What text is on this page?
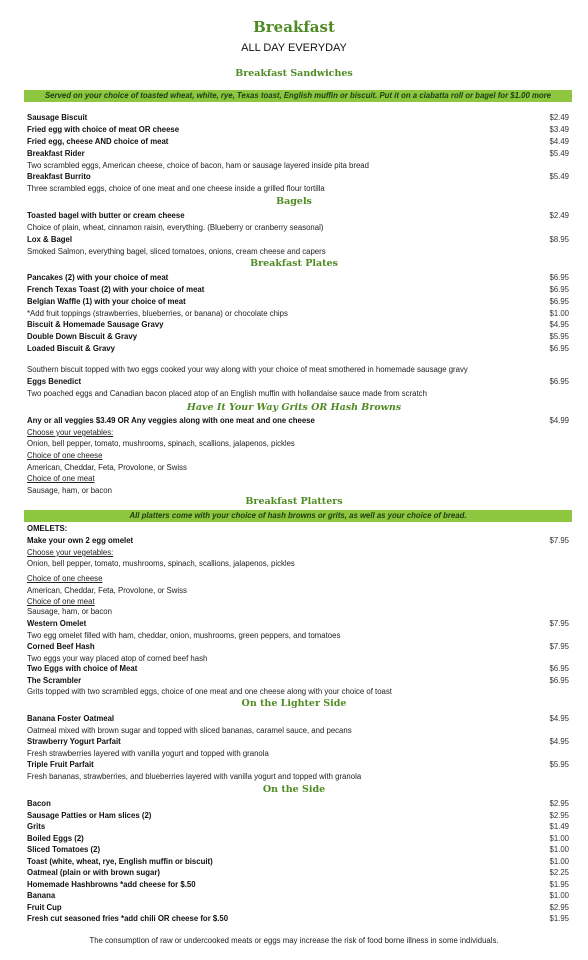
Breakfast
ALL DAY EVERYDAY
Breakfast Sandwiches
Served on your choice of toasted wheat, white, rye, Texas toast, English muffin or biscuit. Put it on a ciabatta roll or bagel for $1.00 more
Sausage Biscuit	$2.49
Fried egg with choice of meat OR cheese	$3.49
Fried egg, cheese AND choice of meat	$4.49
Breakfast Rider	$5.49
Two scrambled eggs, American cheese, choice of bacon, ham or sausage layered inside pita bread
Breakfast Burrito	$5.49
Three scrambled eggs, choice of one meat and one cheese inside a grilled flour tortilla
Bagels
Toasted bagel with butter or cream cheese	$2.49
Choice of plain, wheat, cinnamon raisin, everything. (Blueberry or cranberry seasonal)
Lox & Bagel	$8.95
Smoked Salmon, everything bagel, sliced tomatoes, onions, cream cheese and capers
Breakfast Plates
Pancakes (2) with your choice of meat	$6.95
French Texas Toast (2) with your choice of meat	$6.95
Belgian Waffle (1) with your choice of meat	$6.95
*Add fruit toppings (strawberries, blueberries, or banana) or chocolate chips	$1.00
Biscuit & Homemade Sausage Gravy	$4.95
Double Down Biscuit & Gravy	$5.95
Loaded Biscuit & Gravy	$6.95
Southern biscuit topped with two eggs cooked your way along with your choice of meat smothered in homemade sausage gravy
Eggs Benedict	$6.95
Two poached eggs and Canadian bacon placed atop of an English muffin with hollandaise sauce made from scratch
Have It Your Way Grits OR Hash Browns
Any or all veggies $3.49 OR Any veggies along with one meat and one cheese	$4.99
Choose your vegetables:
Onion, bell pepper, tomato, mushrooms, spinach, scallions, jalapenos, pickles
Choice of one cheese
American, Cheddar, Feta, Provolone, or Swiss
Choice of one meat
Sausage, ham, or bacon
Breakfast Platters
All platters come with your choice of hash browns or grits, as well as your choice of bread.
OMELETS:
Make your own 2 egg omelet	$7.95
Choose your vegetables:
Onion, bell pepper, tomato, mushrooms, spinach, scallions, jalapenos, pickles
Choice of one cheese
American, Cheddar, Feta, Provolone, or Swiss
Choice of one meat
Sausage, ham, or bacon
Western Omelet	$7.95
Two egg omelet filled with ham, cheddar, onion, mushrooms, green peppers, and tomatoes
Corned Beef Hash	$7.95
Two eggs your way placed atop of corned beef hash
Two Eggs with choice of Meat	$6.95
The Scrambler	$6.95
Grits topped with two scrambled eggs, choice of one meat and one cheese along with your choice of toast
On the Lighter Side
Banana Foster Oatmeal	$4.95
Oatmeal mixed with brown sugar and topped with sliced bananas, caramel sauce, and pecans
Strawberry Yogurt Parfait	$4.95
Fresh strawberries layered with vanilla yogurt and topped with granola
Triple Fruit Parfait	$5.95
Fresh bananas, strawberries, and blueberries layered with vanilla yogurt and topped with granola
On the Side
Bacon	$2.95
Sausage Patties or Ham slices (2)	$2.95
Grits	$1.49
Boiled Eggs (2)	$1.00
Sliced Tomatoes (2)	$1.00
Toast (white, wheat, rye, English muffin or biscuit)	$1.00
Oatmeal (plain or with brown sugar)	$2.25
Homemade Hashbrowns *add cheese for $.50	$1.95
Banana	$1.00
Fruit Cup	$2.95
Fresh cut seasoned fries *add chili OR cheese for $.50	$1.95
The consumption of raw or undercooked meats or eggs may increase the risk of food borne illness in some individuals.
